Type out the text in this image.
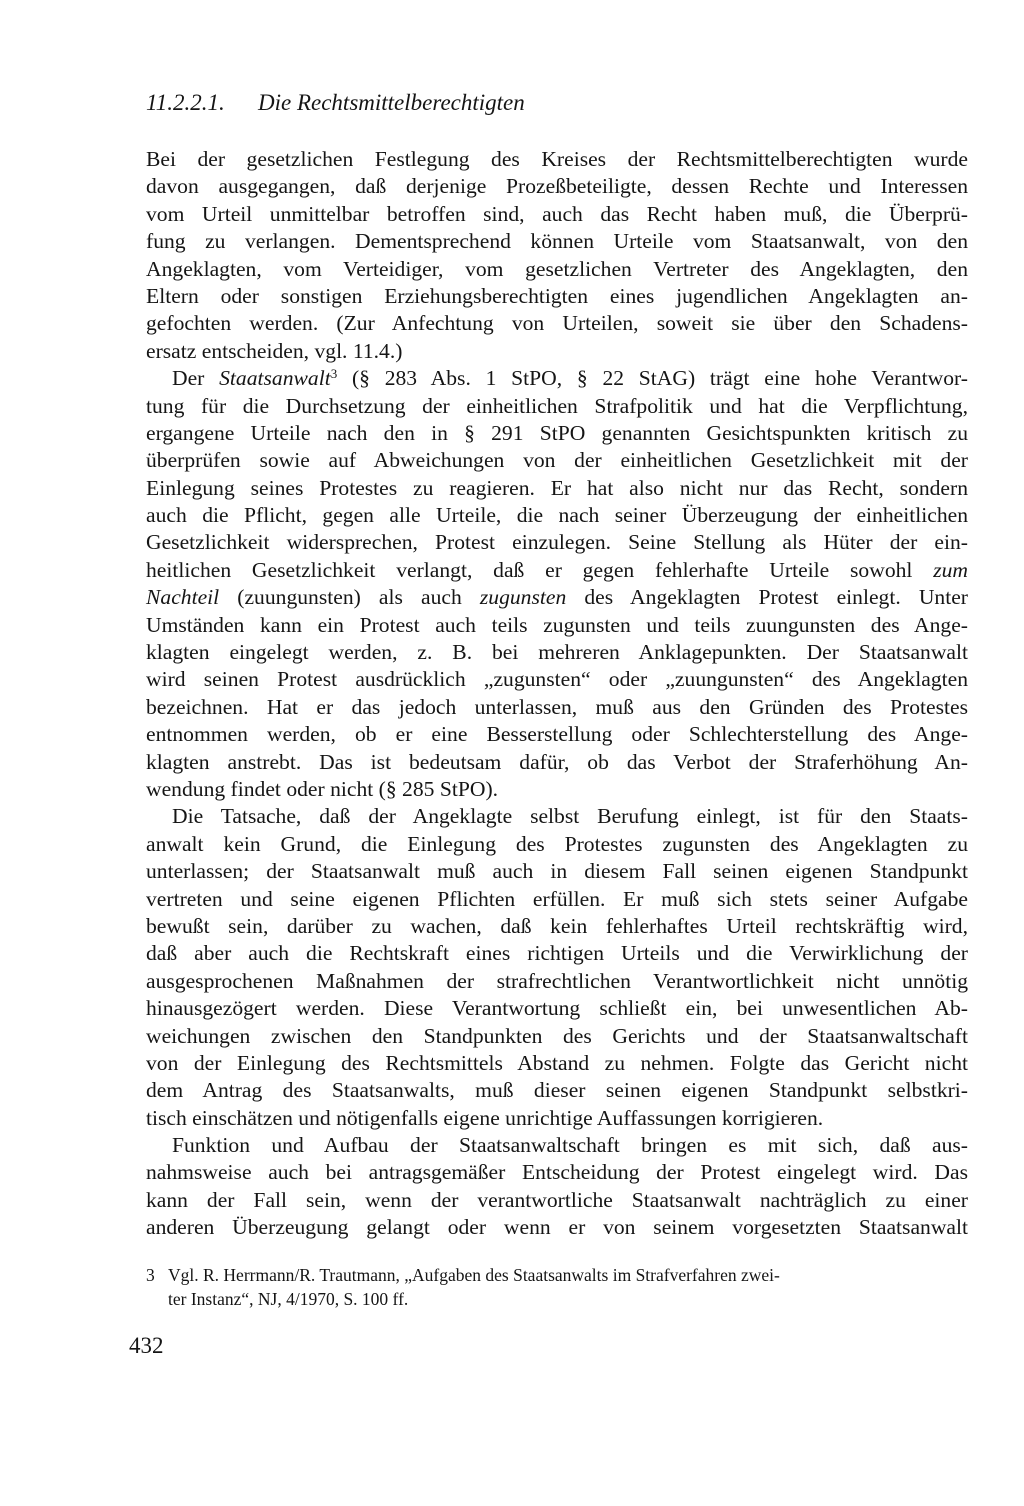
11.2.2.1. Die Rechtsmittelberechtigten
Bei der gesetzlichen Festlegung des Kreises der Rechtsmittelberechtigten wurde
davon ausgegangen, daß derjenige Prozeßbeteiligte, dessen Rechte und Interessen
vom Urteil unmittelbar betroffen sind, auch das Recht haben muß, die Überprü-
fung zu verlangen. Dementsprechend können Urteile vom Staatsanwalt, von den
Angeklagten, vom Verteidiger, vom gesetzlichen Vertreter des Angeklagten, den
Eltern oder sonstigen Erziehungsberechtigten eines jugendlichen Angeklagten an-
gefochten werden. (Zur Anfechtung von Urteilen, soweit sie über den Schadens-
ersatz entscheiden, vgl. 11.4.)
Der Staatsanwalt$^3$ (§ 283 Abs. 1 StPO, § 22 StAG) trägt eine hohe Verantwor-
tung für die Durchsetzung der einheitlichen Strafpolitik und hat die Verpflichtung,
ergangene Urteile nach den in § 291 StPO genannten Gesichtspunkten kritisch zu
überprüfen sowie auf Abweichungen von der einheitlichen Gesetzlichkeit mit der
Einlegung seines Protestes zu reagieren. Er hat also nicht nur das Recht, sondern
auch die Pflicht, gegen alle Urteile, die nach seiner Überzeugung der einheitlichen
Gesetzlichkeit widersprechen, Protest einzulegen. Seine Stellung als Hüter der ein-
heitlichen Gesetzlichkeit verlangt, daß er gegen fehlerhafte Urteile sowohl zum
Nachteil (zuungunsten) als auch zugunsten des Angeklagten Protest einlegt. Unter
Umständen kann ein Protest auch teils zugunsten und teils zuungunsten des Ange-
klagten eingelegt werden, z. B. bei mehreren Anklagepunkten. Der Staatsanwalt
wird seinen Protest ausdrücklich „zugunsten“ oder „zuungunsten“ des Angeklagten
bezeichnen. Hat er das jedoch unterlassen, muß aus den Gründen des Protestes
entnommen werden, ob er eine Besserstellung oder Schlechterstellung des Ange-
klagten anstrebt. Das ist bedeutsam dafür, ob das Verbot der Straferhöhung An-
wendung findet oder nicht (§ 285 StPO).
Die Tatsache, daß der Angeklagte selbst Berufung einlegt, ist für den Staats-
anwalt kein Grund, die Einlegung des Protestes zugunsten des Angeklagten zu
unterlassen; der Staatsanwalt muß auch in diesem Fall seinen eigenen Standpunkt
vertreten und seine eigenen Pflichten erfüllen. Er muß sich stets seiner Aufgabe
bewußt sein, darüber zu wachen, daß kein fehlerhaftes Urteil rechtskräftig wird,
daß aber auch die Rechtskraft eines richtigen Urteils und die Verwirklichung der
ausgesprochenen Maßnahmen der strafrechtlichen Verantwortlichkeit nicht unnötig
hinausgezögert werden. Diese Verantwortung schließt ein, bei unwesentlichen Ab-
weichungen zwischen den Standpunkten des Gerichts und der Staatsanwaltschaft
von der Einlegung des Rechtsmittels Abstand zu nehmen. Folgte das Gericht nicht
dem Antrag des Staatsanwalts, muß dieser seinen eigenen Standpunkt selbstkri-
tisch einschätzen und nötigenfalls eigene unrichtige Auffassungen korrigieren.
Funktion und Aufbau der Staatsanwaltschaft bringen es mit sich, daß aus-
nahmsweise auch bei antragsgemäßer Entscheidung der Protest eingelegt wird. Das
kann der Fall sein, wenn der verantwortliche Staatsanwalt nachträglich zu einer
anderen Überzeugung gelangt oder wenn er von seinem vorgesetzten Staatsanwalt
3 Vgl. R. Herrmann/R. Trautmann, „Aufgaben des Staatsanwalts im Strafverfahren zwei-
ter Instanz“, NJ, 4/1970, S. 100 ff.
432
